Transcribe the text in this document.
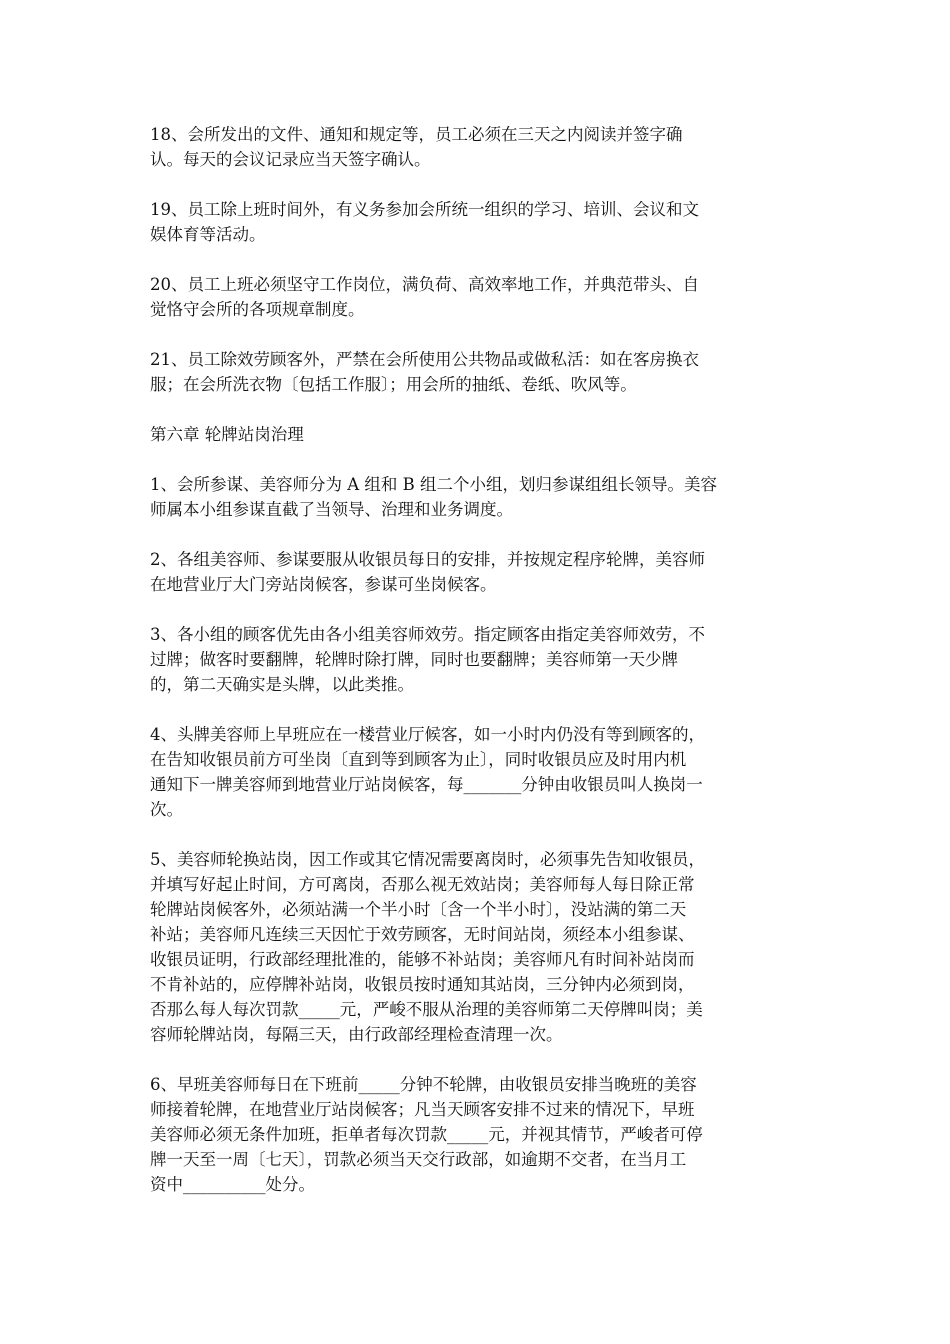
18、会所发出的文件、通知和规定等，员工必须在三天之内阅读并签字确
认。每天的会议记录应当天签字确认。
19、员工除上班时间外，有义务参加会所统一组织的学习、培训、会议和文
娱体育等活动。
20、员工上班必须坚守工作岗位，满负荷、高效率地工作，并典范带头、自
觉恪守会所的各项规章制度。
21、员工除效劳顾客外，严禁在会所使用公共物品或做私活：如在客房换衣
服；在会所洗衣物〔包括工作服〕；用会所的抽纸、卷纸、吹风等。
第六章 轮牌站岗治理
1、会所参谋、美容师分为 A 组和 B 组二个小组，划归参谋组组长领导。美容
师属本小组参谋直截了当领导、治理和业务调度。
2、各组美容师、参谋要服从收银员每日的安排，并按规定程序轮牌，美容师
在地营业厅大门旁站岗候客，参谋可坐岗候客。
3、各小组的顾客优先由各小组美容师效劳。指定顾客由指定美容师效劳，不
过牌；做客时要翻牌，轮牌时除打牌，同时也要翻牌；美容师第一天少牌
的，第二天确实是头牌，以此类推。
4、头牌美容师上早班应在一楼营业厅候客，如一小时内仍没有等到顾客的，
在告知收银员前方可坐岗〔直到等到顾客为止〕，同时收银员应及时用内机
通知下一牌美容师到地营业厅站岗候客，每_______分钟由收银员叫人换岗一
次。
5、美容师轮换站岗，因工作或其它情况需要离岗时，必须事先告知收银员，
并填写好起止时间，方可离岗，否那么视无效站岗；美容师每人每日除正常
轮牌站岗候客外，必须站满一个半小时〔含一个半小时〕，没站满的第二天
补站；美容师凡连续三天因忙于效劳顾客，无时间站岗，须经本小组参谋、
收银员证明，行政部经理批准的，能够不补站岗；美容师凡有时间补站岗而
不肯补站的，应停牌补站岗，收银员按时通知其站岗，三分钟内必须到岗，
否那么每人每次罚款_____元，严峻不服从治理的美容师第二天停牌叫岗；美
容师轮牌站岗，每隔三天，由行政部经理检查清理一次。
6、早班美容师每日在下班前_____分钟不轮牌，由收银员安排当晚班的美容
师接着轮牌，在地营业厅站岗候客；凡当天顾客安排不过来的情况下，早班
美容师必须无条件加班，拒单者每次罚款_____元，并视其情节，严峻者可停
牌一天至一周〔七天〕，罚款必须当天交行政部，如逾期不交者，在当月工
资中__________处分。
